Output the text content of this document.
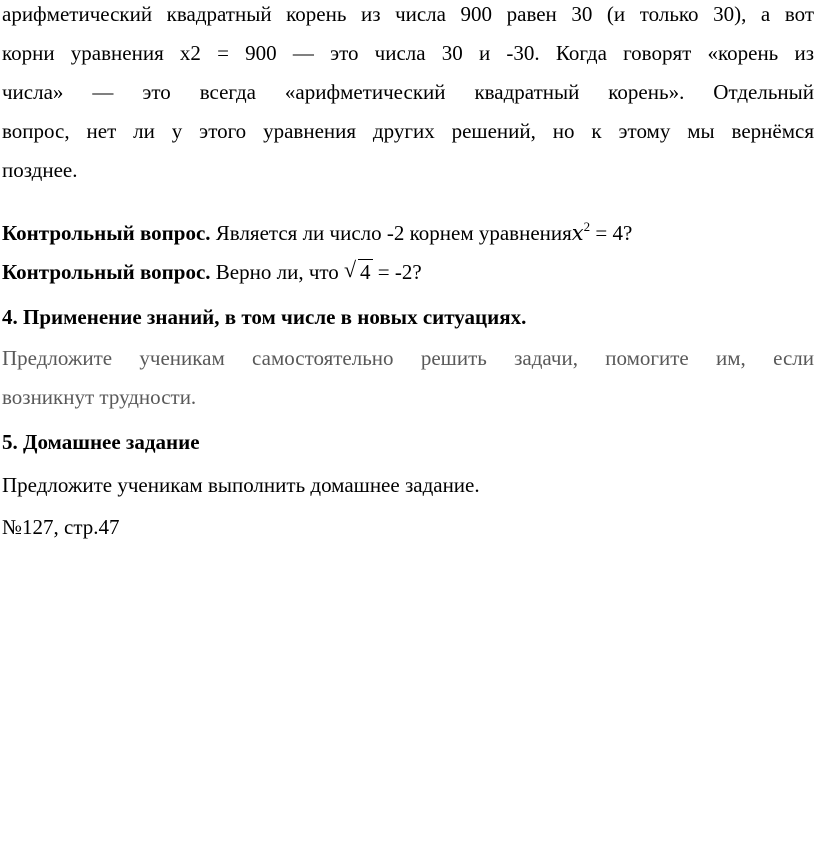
арифметический квадратный корень из числа 900 равен 30 (и только 30), а вот
корни уравнения x2 = 900 — это числа 30 и -30. Когда говорят «корень из
числа» — это всегда «арифметический квадратный корень». Отдельный
вопрос, нет ли у этого уравнения других решений, но к этому мы вернёмся
позднее.

Контрольный вопрос. Является ли число -2 корнем уравненияx$^2$ = 4?

Контрольный вопрос. Верно ли, что √ 4 = -2?

4. Применение знаний, в том числе в новых ситуациях.

Предложите ученикам самостоятельно решить задачи, помогите им, если
возникнут трудности.

5. Домашнее задание

Предложите ученикам выполнить домашнее задание.

№127, стр.47
